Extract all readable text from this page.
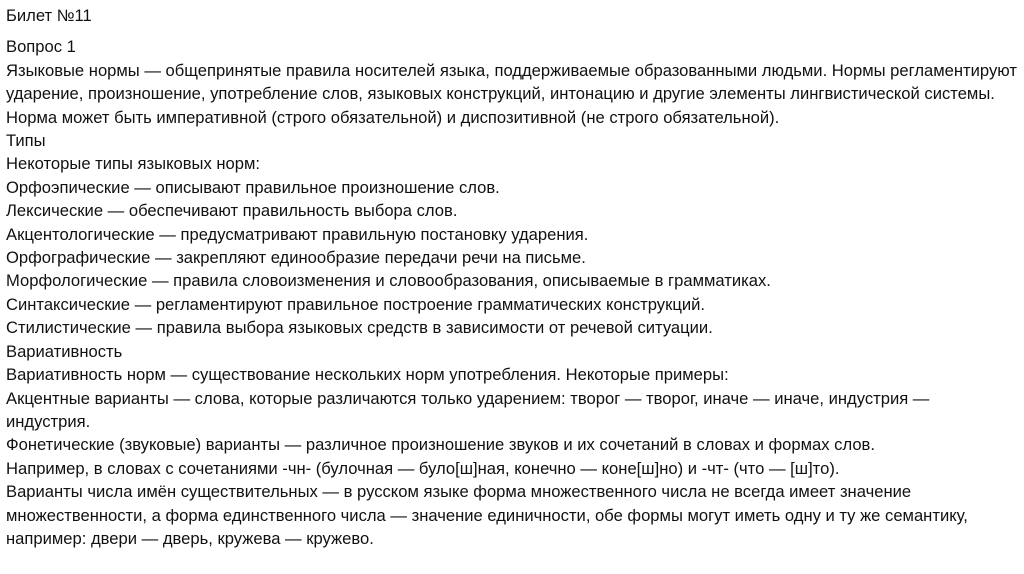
Билет №11

Вопрос 1

Языковые нормы — общепринятые правила носителей языка, поддерживаемые образованными людьми. Нормы регламентируют ударение, произношение, употребление слов, языковых конструкций, интонацию и другие элементы лингвистической системы.

Норма может быть императивной (строго обязательной) и диспозитивной (не строго обязательной).

Типы

Некоторые типы языковых норм:

Орфоэпические — описывают правильное произношение слов.

Лексические — обеспечивают правильность выбора слов.

Акцентологические — предусматривают правильную постановку ударения.

Орфографические — закрепляют единообразие передачи речи на письме.

Морфологические — правила словоизменения и словообразования, описываемые в грамматиках.

Синтаксические — регламентируют правильное построение грамматических конструкций.

Стилистические — правила выбора языковых средств в зависимости от речевой ситуации.

Вариативность

Вариативность норм — существование нескольких норм употребления. Некоторые примеры:

Акцентные варианты — слова, которые различаются только ударением: творог — творог, иначе — иначе, индустрия — индустрия.

Фонетические (звуковые) варианты — различное произношение звуков и их сочетаний в словах и формах слов.

Например, в словах с сочетаниями -чн- (булочная — було[ш]ная, конечно — коне[ш]но) и -чт- (что — [ш]то).

Варианты числа имён существительных — в русском языке форма множественного числа не всегда имеет значение множественности, а форма единственного числа — значение единичности, обе формы могут иметь одну и ту же семантику, например: двери — дверь, кружева — кружево.
